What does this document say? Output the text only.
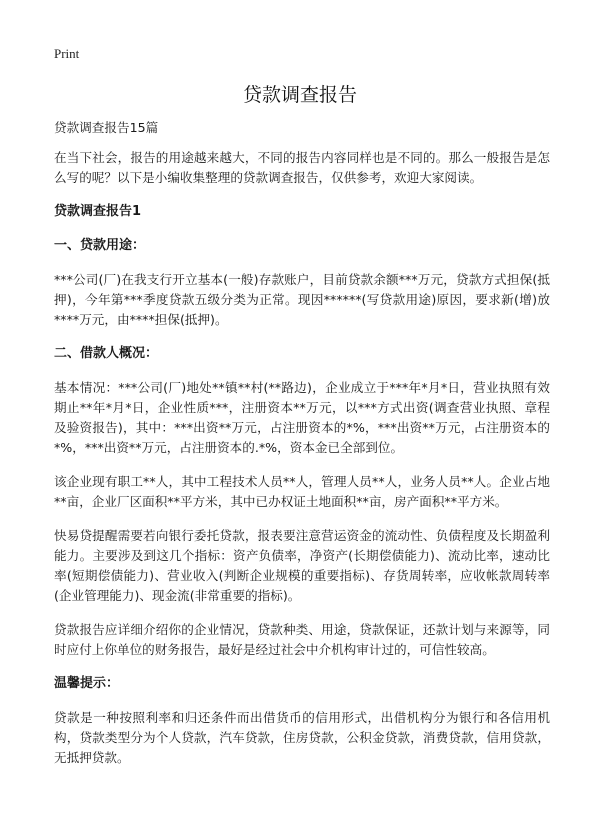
Print
贷款调查报告

贷款调查报告15篇

在当下社会，报告的用途越来越大，不同的报告内容同样也是不同的。那么一般报告是怎么写的呢？以下是小编收集整理的贷款调查报告，仅供参考，欢迎大家阅读。

贷款调查报告1
一、贷款用途：

***公司(厂)在我支行开立基本(一般)存款账户，目前贷款余额***万元，贷款方式担保(抵押)，今年第***季度贷款五级分类为正常。现因******(写贷款用途)原因，要求新(增)放****万元，由****担保(抵押)。

二、借款人概况：

基本情况：***公司(厂)地处**镇**村(**路边)，企业成立于***年*月*日，营业执照有效期止**年*月*日，企业性质***，注册资本**万元，以***方式出资(调查营业执照、章程及验资报告)，其中：***出资**万元，占注册资本的*%，***出资**万元，占注册资本的*%，***出资**万元，占注册资本的.*%，资本金已全部到位。

该企业现有职工**人，其中工程技术人员**人，管理人员**人，业务人员**人。企业占地**亩，企业厂区面积**平方米，其中已办权证土地面积**亩，房产面积**平方米。

快易贷提醒需要若向银行委托贷款，报表要注意营运资金的流动性、负债程度及长期盈利能力。主要涉及到这几个指标：资产负债率，净资产(长期偿债能力)、流动比率，速动比率(短期偿债能力)、营业收入(判断企业规模的重要指标)、存货周转率，应收帐款周转率(企业管理能力)、现金流(非常重要的指标)。

贷款报告应详细介绍你的企业情况，贷款种类、用途，贷款保证，还款计划与来源等，同时应付上你单位的财务报告，最好是经过社会中介机构审计过的，可信性较高。

温馨提示：

贷款是一种按照利率和归还条件而出借货币的信用形式，出借机构分为银行和各信用机构，贷款类型分为个人贷款，汽车贷款，住房贷款，公积金贷款，消费贷款，信用贷款，无抵押贷款。
